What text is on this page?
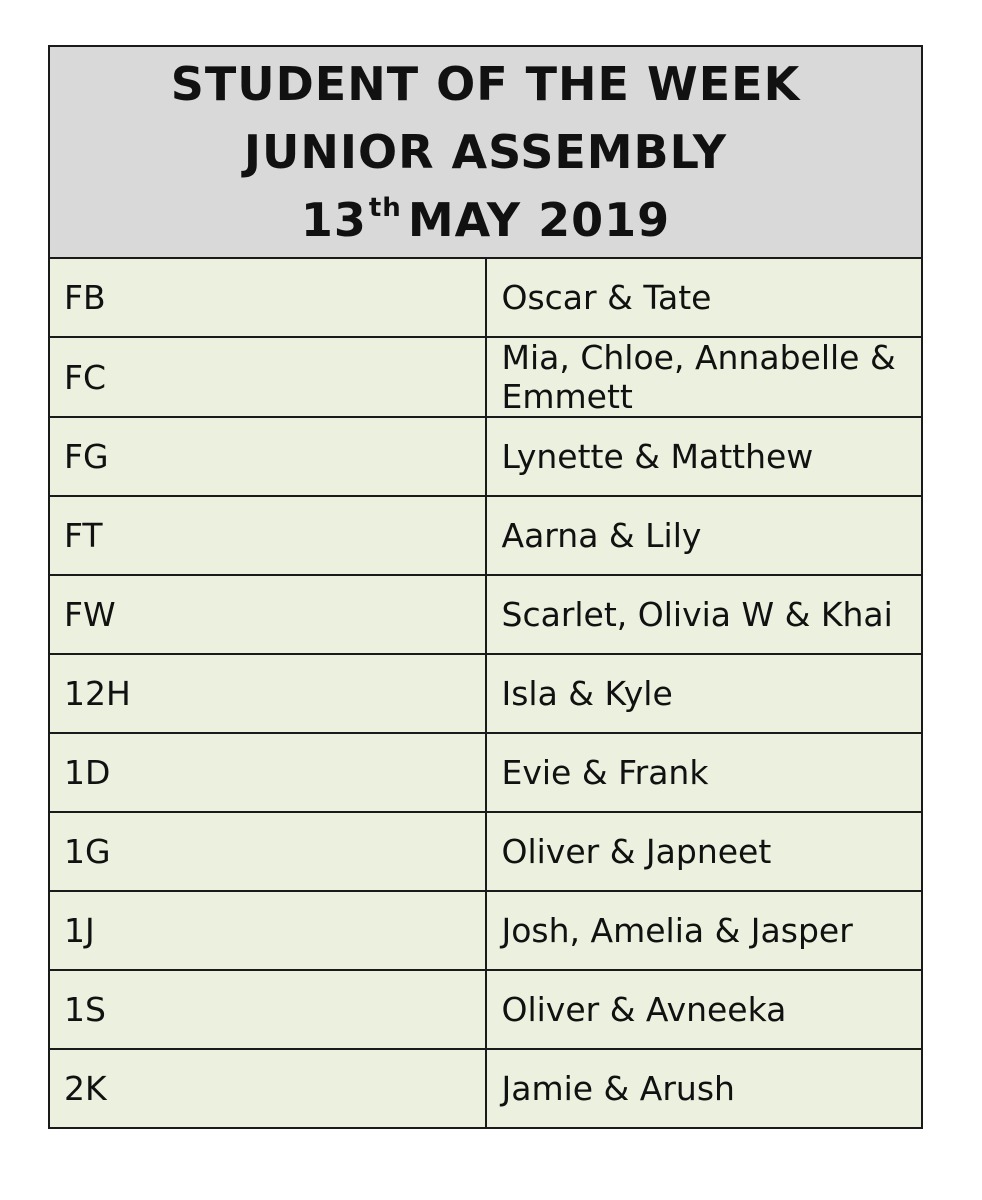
STUDENT OF THE WEEK
JUNIOR ASSEMBLY
13th MAY 2019	

FB	Oscar & Tate
FC	Mia, Chloe, Annabelle & Emmett
FG	Lynette & Matthew
FT	Aarna & Lily
FW	Scarlet, Olivia W & Khai
12H	Isla & Kyle
1D	Evie & Frank
1G	Oliver & Japneet
1J	Josh, Amelia & Jasper
1S	Oliver & Avneeka
2K	Jamie & Arush
